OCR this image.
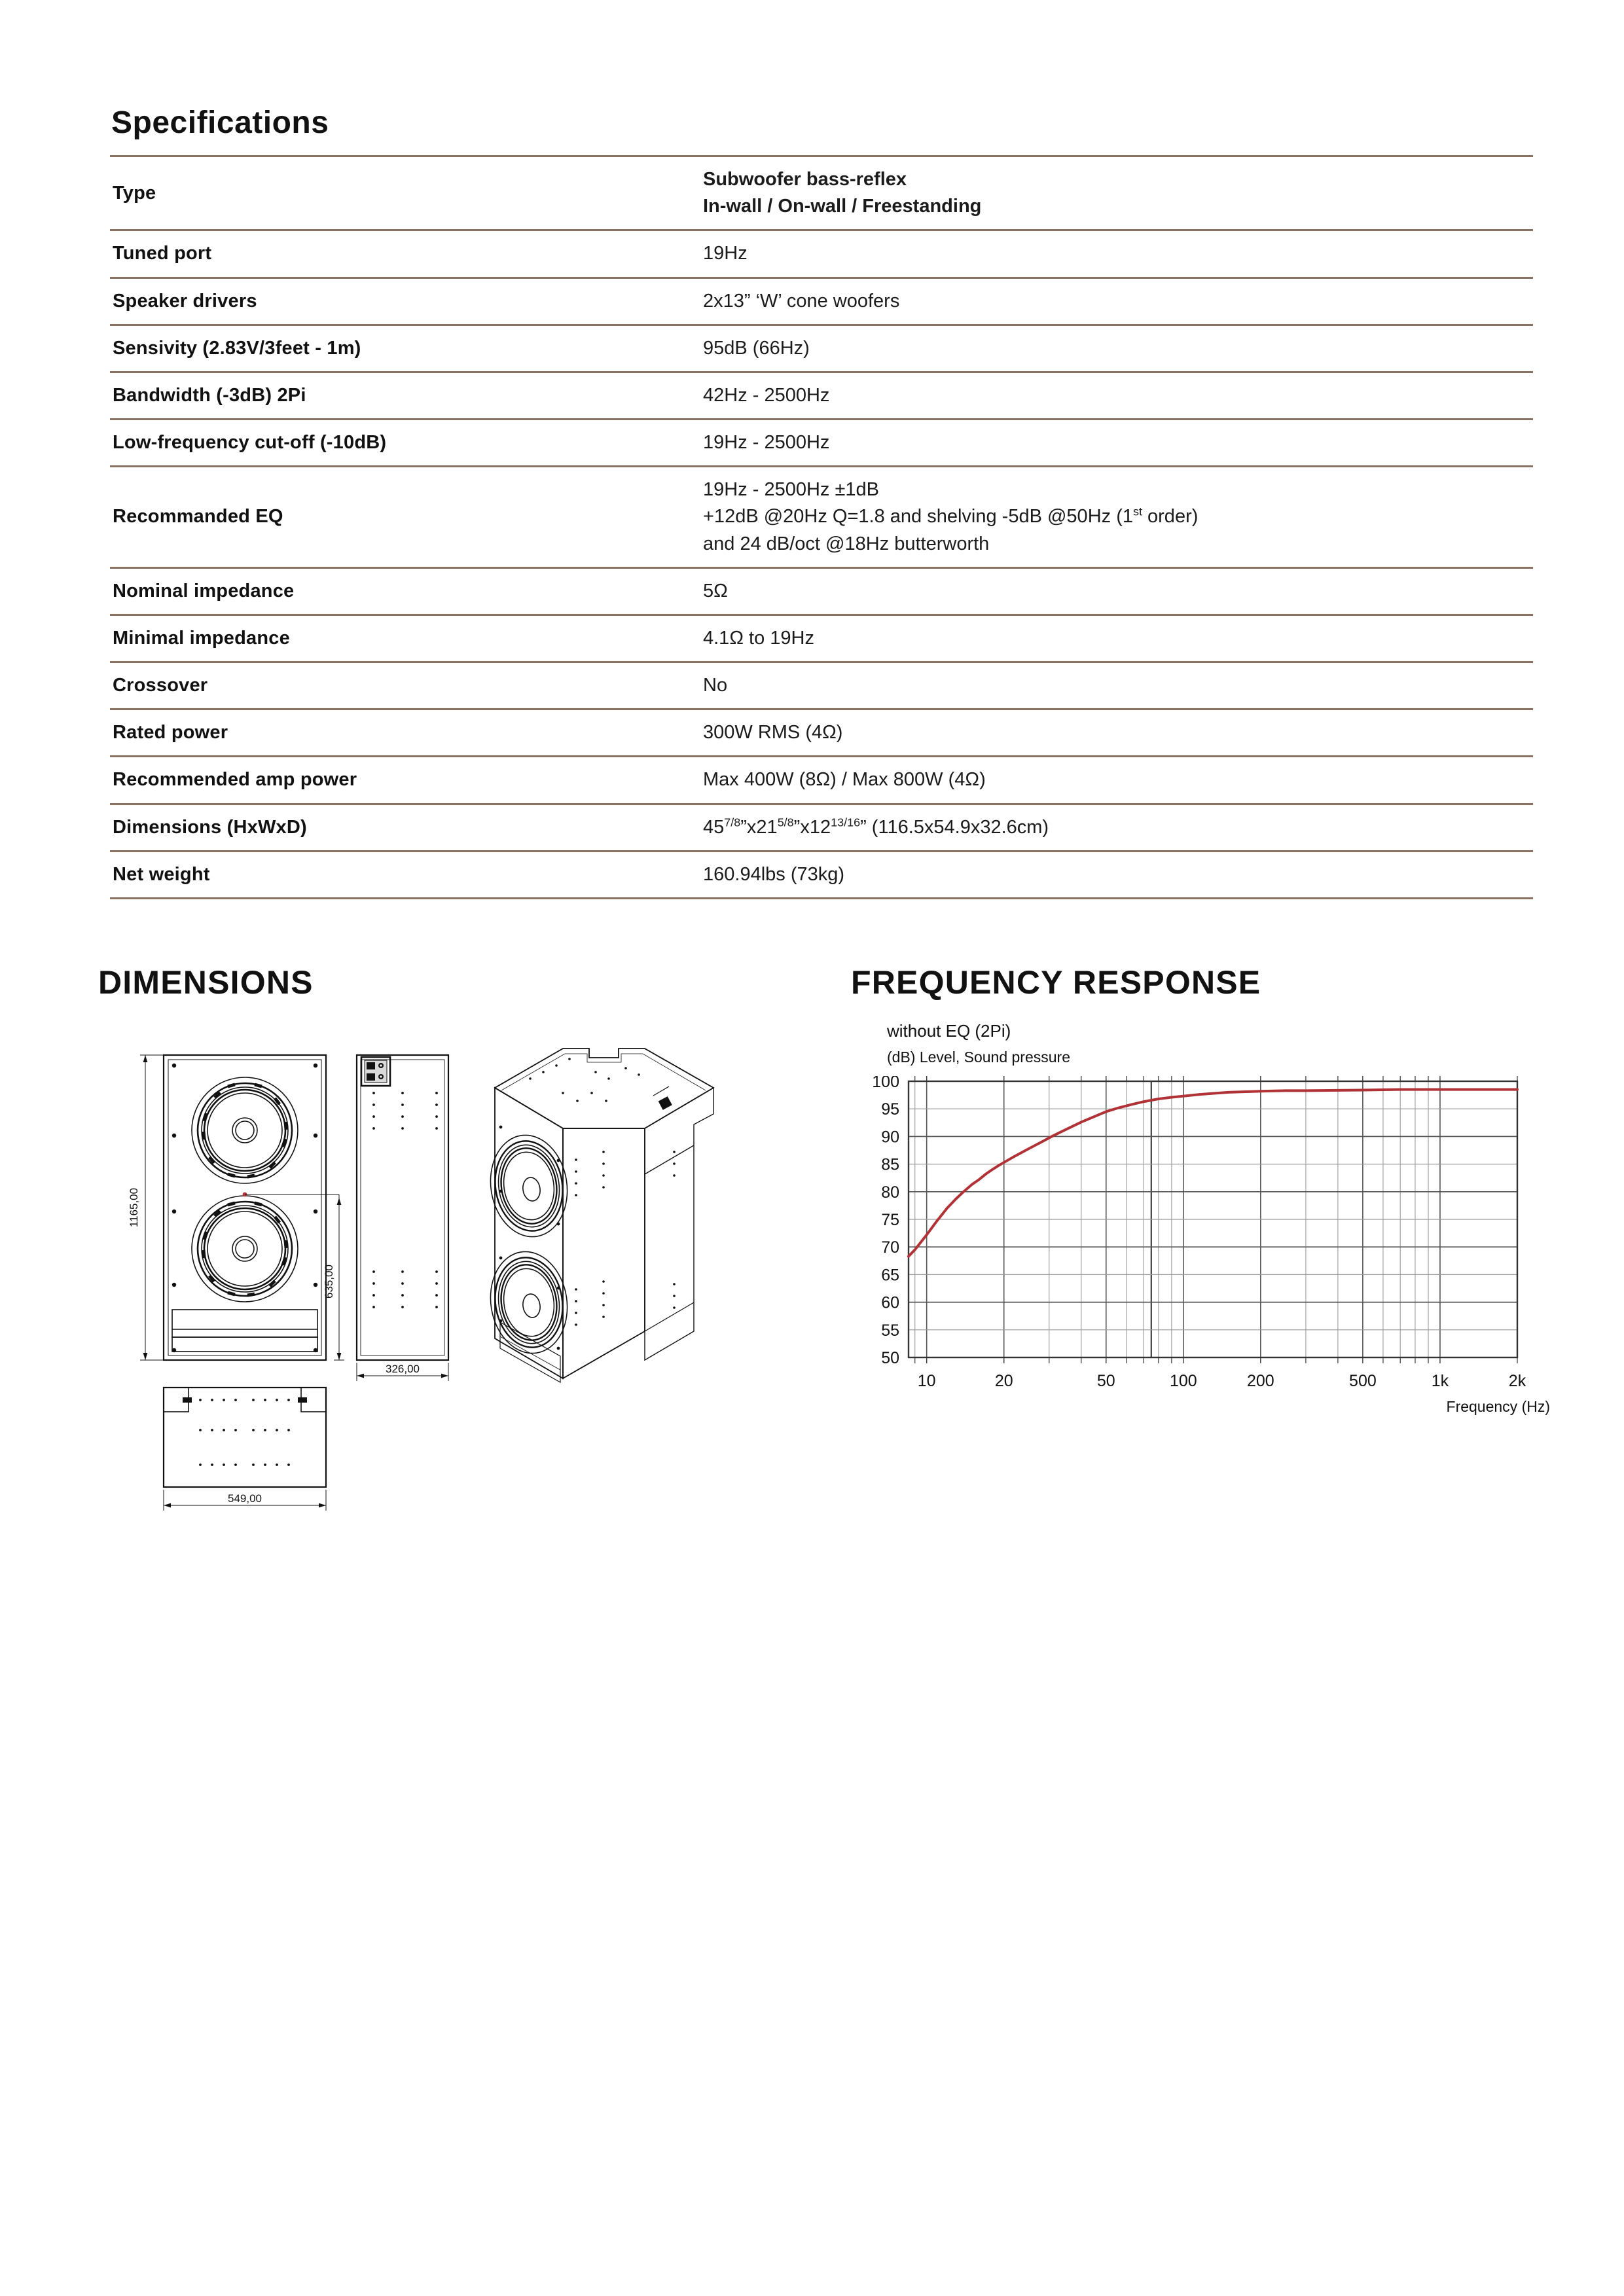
Specifications
Type	Subwoofer bass-reflex
In-wall / On-wall / Freestanding

Tuned port	19Hz
Speaker drivers	2x13” ‘W’ cone woofers
Sensivity (2.83V/3feet - 1m)	95dB (66Hz)
Bandwidth (-3dB) 2Pi	42Hz - 2500Hz
Low-frequency cut-off (-10dB)	19Hz - 2500Hz
Recommanded EQ	19Hz - 2500Hz ±1dB
+12dB @20Hz Q=1.8 and shelving -5dB @50Hz (1st order)
and 24 dB/oct @18Hz butterworth

Nominal impedance	5Ω
Minimal impedance	4.1Ω to 19Hz
Crossover	No
Rated power	300W RMS (4Ω)
Recommended amp power	Max 400W (8Ω) / Max 800W (4Ω)
Dimensions (HxWxD)	$45^{7/8}”x21^{5/8}”x12^{13/16}$” (116.5x54.9x32.6cm)
Net weight	160.94lbs (73kg)
DIMENSIONS	FREQUENCY RESPONSE
1165,00
635,00
326,00
549,00
without EQ (2Pi)
(dB) Level, Sound pressure
50
55
60
65
70
75
80
85
90
95
100
10	20	50	100	200	500	1k	2k
Frequency (Hz)
